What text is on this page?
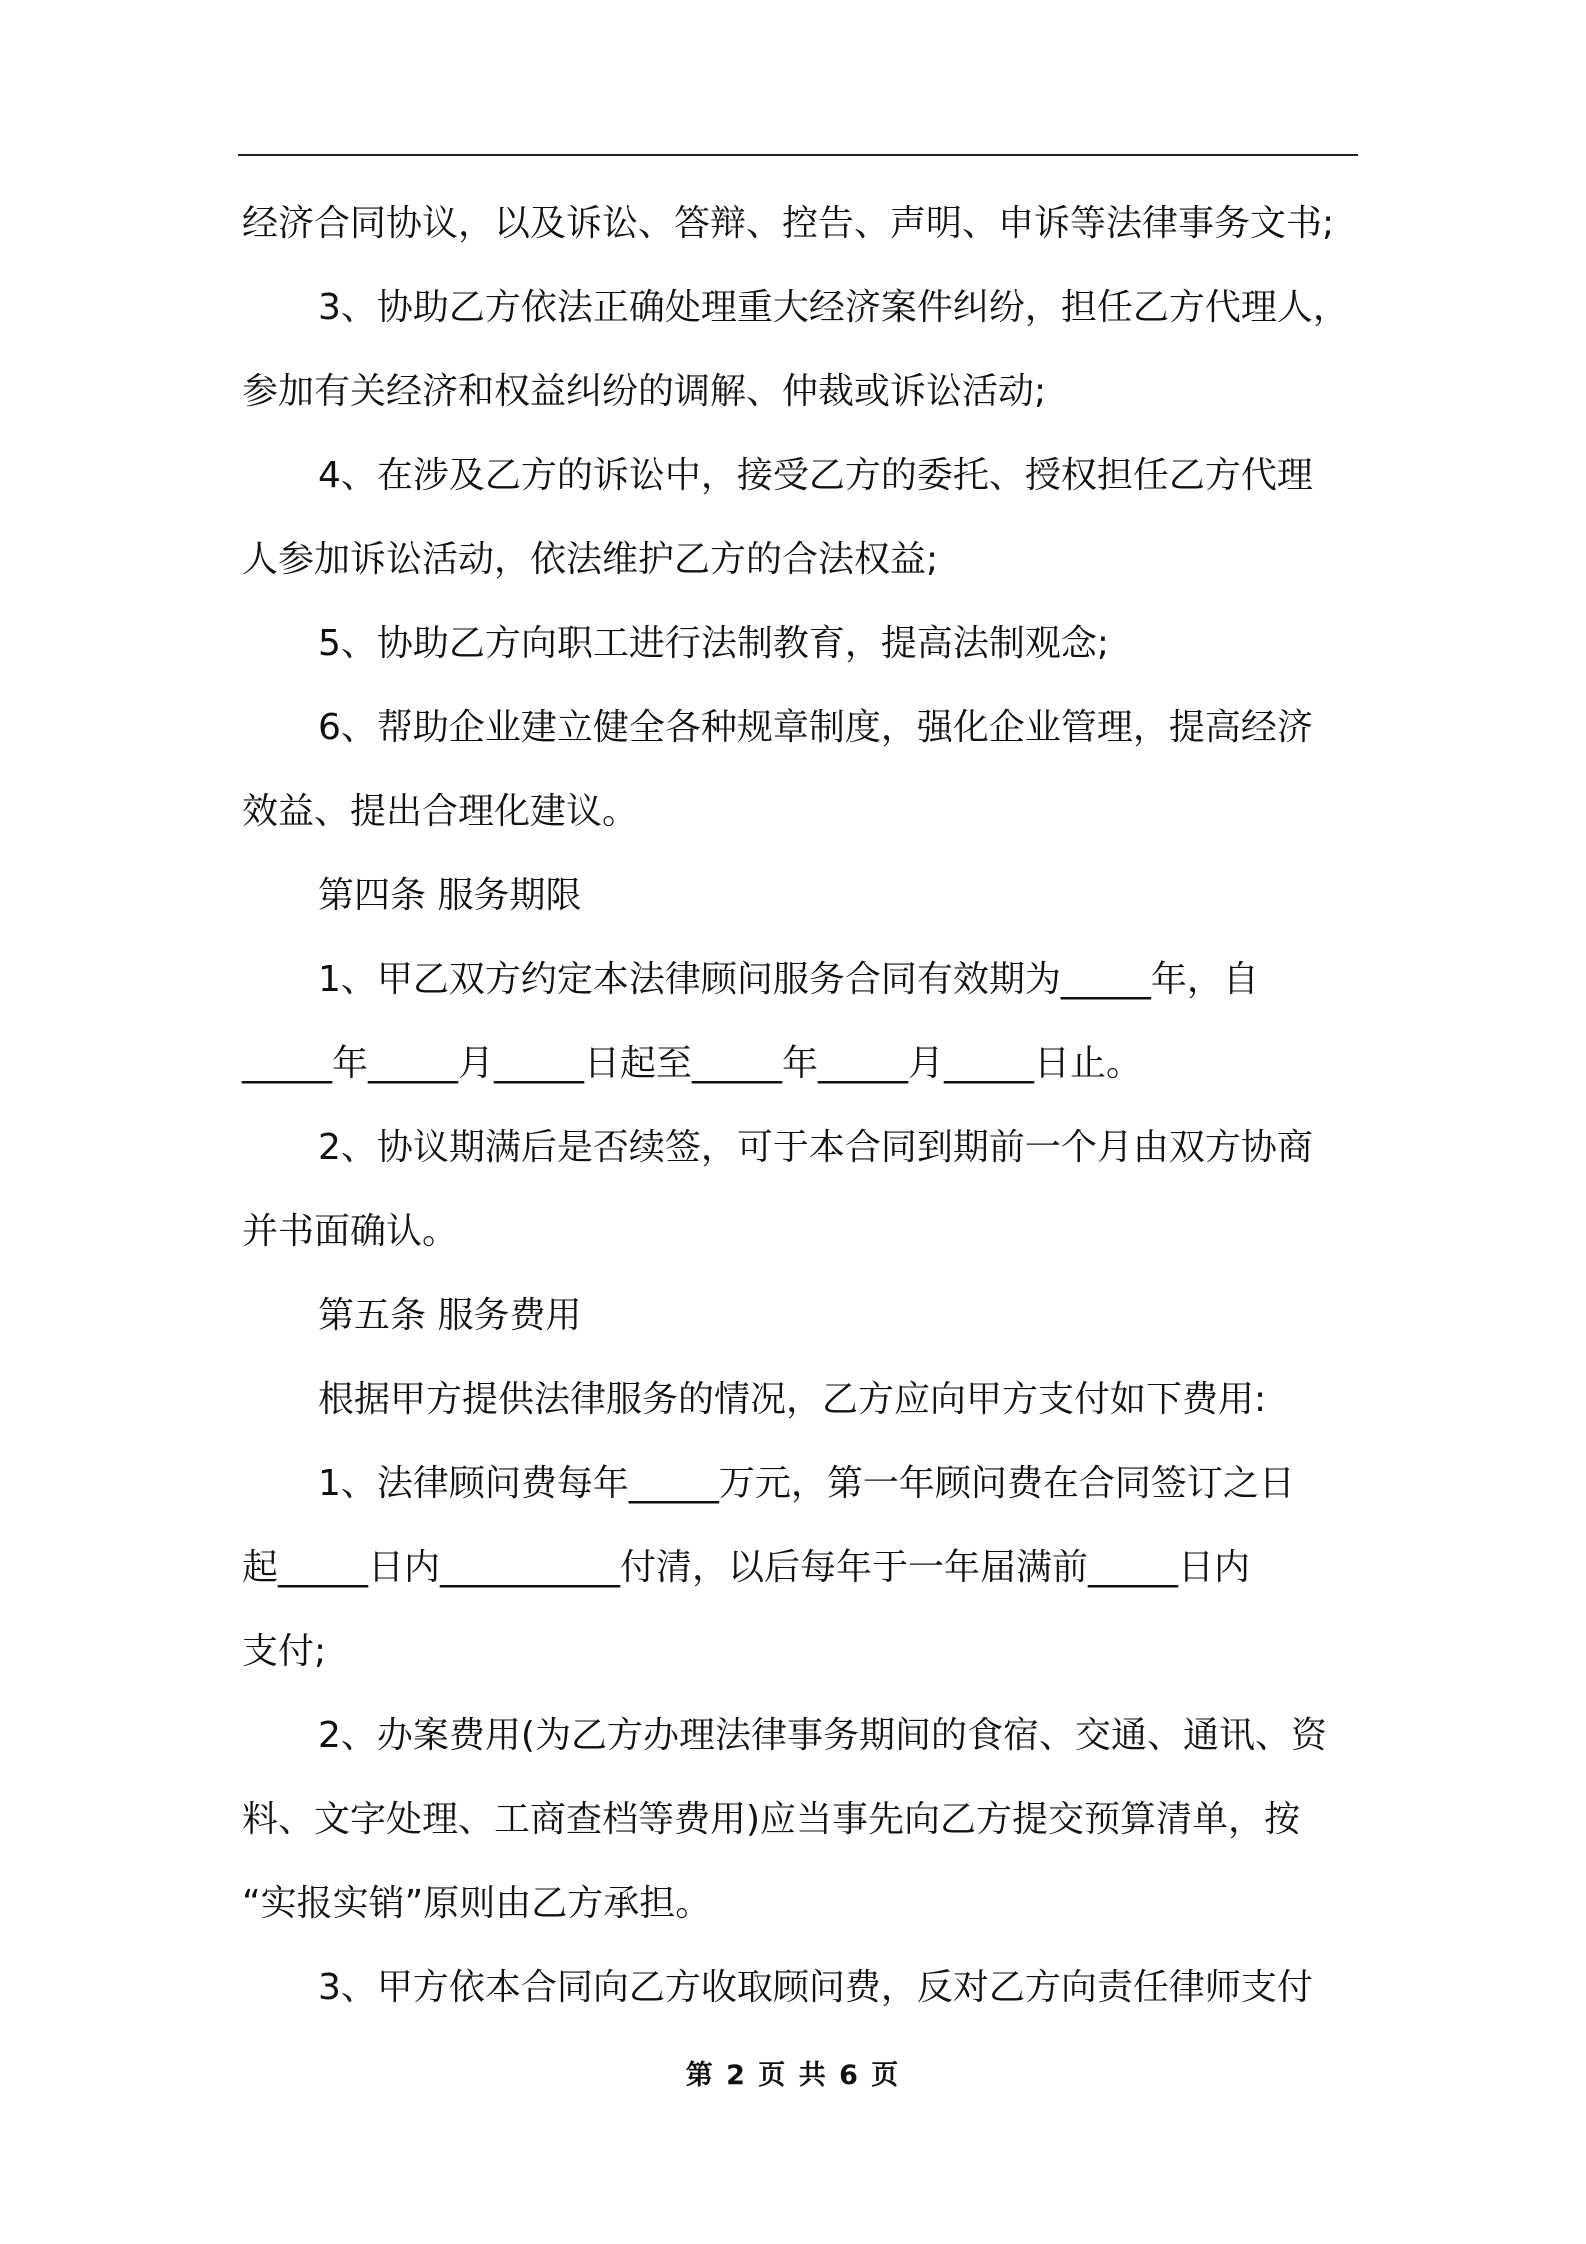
经济合同协议，以及诉讼、答辩、控告、声明、申诉等法律事务文书;
3、协助乙方依法正确处理重大经济案件纠纷，担任乙方代理人，
参加有关经济和权益纠纷的调解、仲裁或诉讼活动;
4、在涉及乙方的诉讼中，接受乙方的委托、授权担任乙方代理
人参加诉讼活动，依法维护乙方的合法权益;
5、协助乙方向职工进行法制教育，提高法制观念;
6、帮助企业建立健全各种规章制度，强化企业管理，提高经济
效益、提出合理化建议。
第四条 服务期限
1、甲乙双方约定本法律顾问服务合同有效期为_____年，自
_____年_____月_____日起至_____年_____月_____日止。
2、协议期满后是否续签，可于本合同到期前一个月由双方协商
并书面确认。
第五条 服务费用
根据甲方提供法律服务的情况，乙方应向甲方支付如下费用:
1、法律顾问费每年_____万元，第一年顾问费在合同签订之日
起_____日内__________付清，以后每年于一年届满前_____日内
支付;
2、办案费用(为乙方办理法律事务期间的食宿、交通、通讯、资
料、文字处理、工商查档等费用)应当事先向乙方提交预算清单，按
“实报实销”原则由乙方承担。
3、甲方依本合同向乙方收取顾问费，反对乙方向责任律师支付
第 2 页 共 6 页
